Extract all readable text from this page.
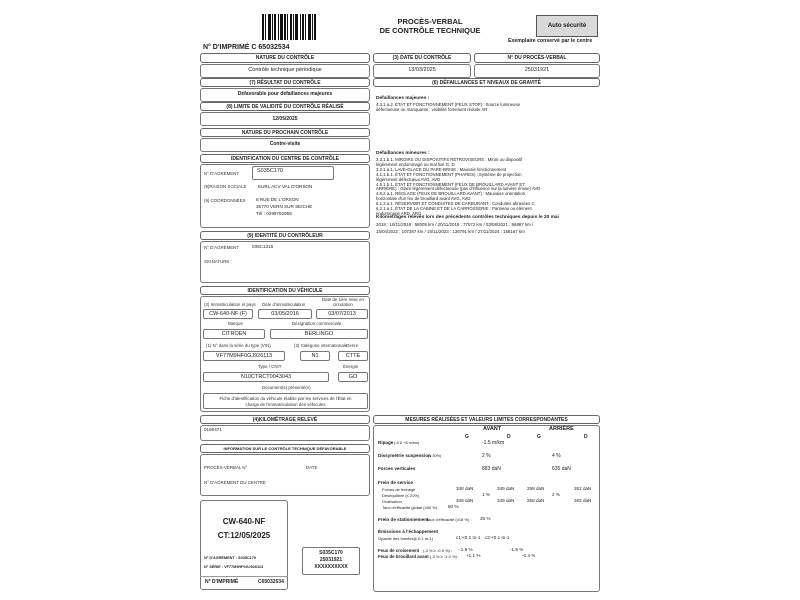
N° D'IMPRIMÉ C 65032534
PROCÈS-VERBAL
DE CONTRÔLE TECHNIQUE
Auto sécurité
Exemplaire conservé par le centre
NATURE DU CONTRÔLE
Contrôle technique périodique
(3) DATE DU CONTRÔLE
13/03/2025
N° DU PROCÈS-VERBAL
25031921
(7) RÉSULTAT DU CONTRÔLE
Défavorable pour défaillances majeures
(8) LIMITE DE VALIDITÉ DU CONTRÔLE RÉALISÉ
12/05/2025
NATURE DU PROCHAIN CONTRÔLE
Contre-visite
IDENTIFICATION DU CENTRE DE CONTRÔLE
N° D'AGRÉMENT	S035C170
(9)RAISON SOCIALE	EURL ACV VAL D'ORSON
(9) COORDONNÉES 8 RUE DE L'ORSON
35770 VERN SUR SEICHE
Tél : 0299782958
(9) IDENTITÉ DU CONTRÔLEUR
N° D'AGRÉMENT	035C1315
SIGNATURE :
IDENTIFICATION DU VÉHICULE
(2) Immatriculation et pays Date d'immatriculation
Date de 1ère mise en circulation
CW-640-NF (F)	03/05/2016	03/07/2013
Marque	Désignation commerciale
CITROEN	BERLINGO
(1) N° dans la série du type (VIN)	(3) Catégorie internationale
Genre
VF77M9HF0GJ926113	N1	CTTE
Type / CNIT	Énergie
N10CTRCT0043043	GO
Document(s) présenté(s)
Fiche d'identification du véhicule établie par les services de l'État en
charge de l'immatriculation des véhicules
(4)KILOMÉTRAGE RELEVÉ
0160471
INFORMATION SUR LE CONTRÔLE TECHNIQUE DÉFAVORABLE
PROCÈS-VERBAL N°	DATE
N° D'AGRÉMENT DU CENTRE
CW-640-NF
CT:12/05/2025
N° D'AGRÉMENT : S035C170
N° SÉRIE : VF77M9HF0GJ926113
N° D'IMPRIMÉ	C65032534
S035C170
25031921
XXXXXXXXXX
(6) DÉFAILLANCES ET NIVEAUX DE GRAVITÉ
Défaillances majeures :
4.3.1.a.2. ÉTAT ET FONCTIONNEMENT (FEUX STOP) : Source lumineuse
défectueuse ou manquante : visibilité fortement réduite AR
Défaillances mineures :
3.3.1.b.1. MIROIRS OU DISPOSITIFS RÉTROVISEURS : Miroir ou dispositif
légèrement endommagé ou mal fixé G, D
3.2.1.a.1. LAVE-GLACE DU PARE-BRISE : Mauvais fonctionnement
4.1.1.b.1. ÉTAT ET FONCTIONNEMENT (PHARES) : Système de projection
légèrement défectueux AVG, AVD
4.5.1.b.1. ÉTAT ET FONCTIONNEMENT (FEUX DE BROUILLARD AVANT ET
ARRIÈRE) : Glace légèrement défectueuse (pas d'influence sur la lumière émise) AVD
4.5.2.a.1. RÉGLAGE (FEUX DE BROUILLARD AVANT) : Mauvaise orientation
horizontale d'un feu de brouillard avant AVG, AVD
6.1.3.a.1. RÉSERVOIR ET CONDUITES DE CARBURANT : Conduites abrasées C
6.2.1.a.1. ÉTAT DE LA CABINE ET DE LA CARROSSERIE : Panneau ou élément
endommagé ARD, ARG
Kilométrages relevés lors des précédents contrôles techniques depuis le 20 mai
2018 : 10/11/2018 : 58005 km / 20/11/2019 : 77572 km / 03/08/2021 : 96887 km /
15/04/2022 : 107287 km / 15/11/2023 : 136791 km / 27/11/2024 : 158167 km
MESURES RÉALISÉES ET VALEURS LIMITES CORRESPONDANTES
AVANT	ARRIÈRE
G	D	G	D
Ripage (-8 & +8 m/km)	-1.5 m/km
Dissymétrie suspension
(≤ 30%)	2 %	4 %
Forces verticales	883 daN	635 daN
Frein de service
Forces de freinage	348 daN	349 daN	258 daN	262 daN
Déséquilibre (≤ 20%)	1 %	2 %
Ovalisation	348 daN	349 daN	258 daN	262 daN
Taux d'efficacité global (≥50 %) : 80 %
Frein de stationnement
Taux d'efficacité (≥18 %) : 25 %
Émissions à l'échappement
Opacité des fumées(k 0.1 m-1)	c1:<0.1 m-1 c2:<0.1 m-1
Feux de croisement (-3 % ≥ -0.5 %) : - 1.9 %	-1.9 %
Feux de brouillard avant (-3 % ≥ -1.0 %) : +1.1 %	-0.4 %
